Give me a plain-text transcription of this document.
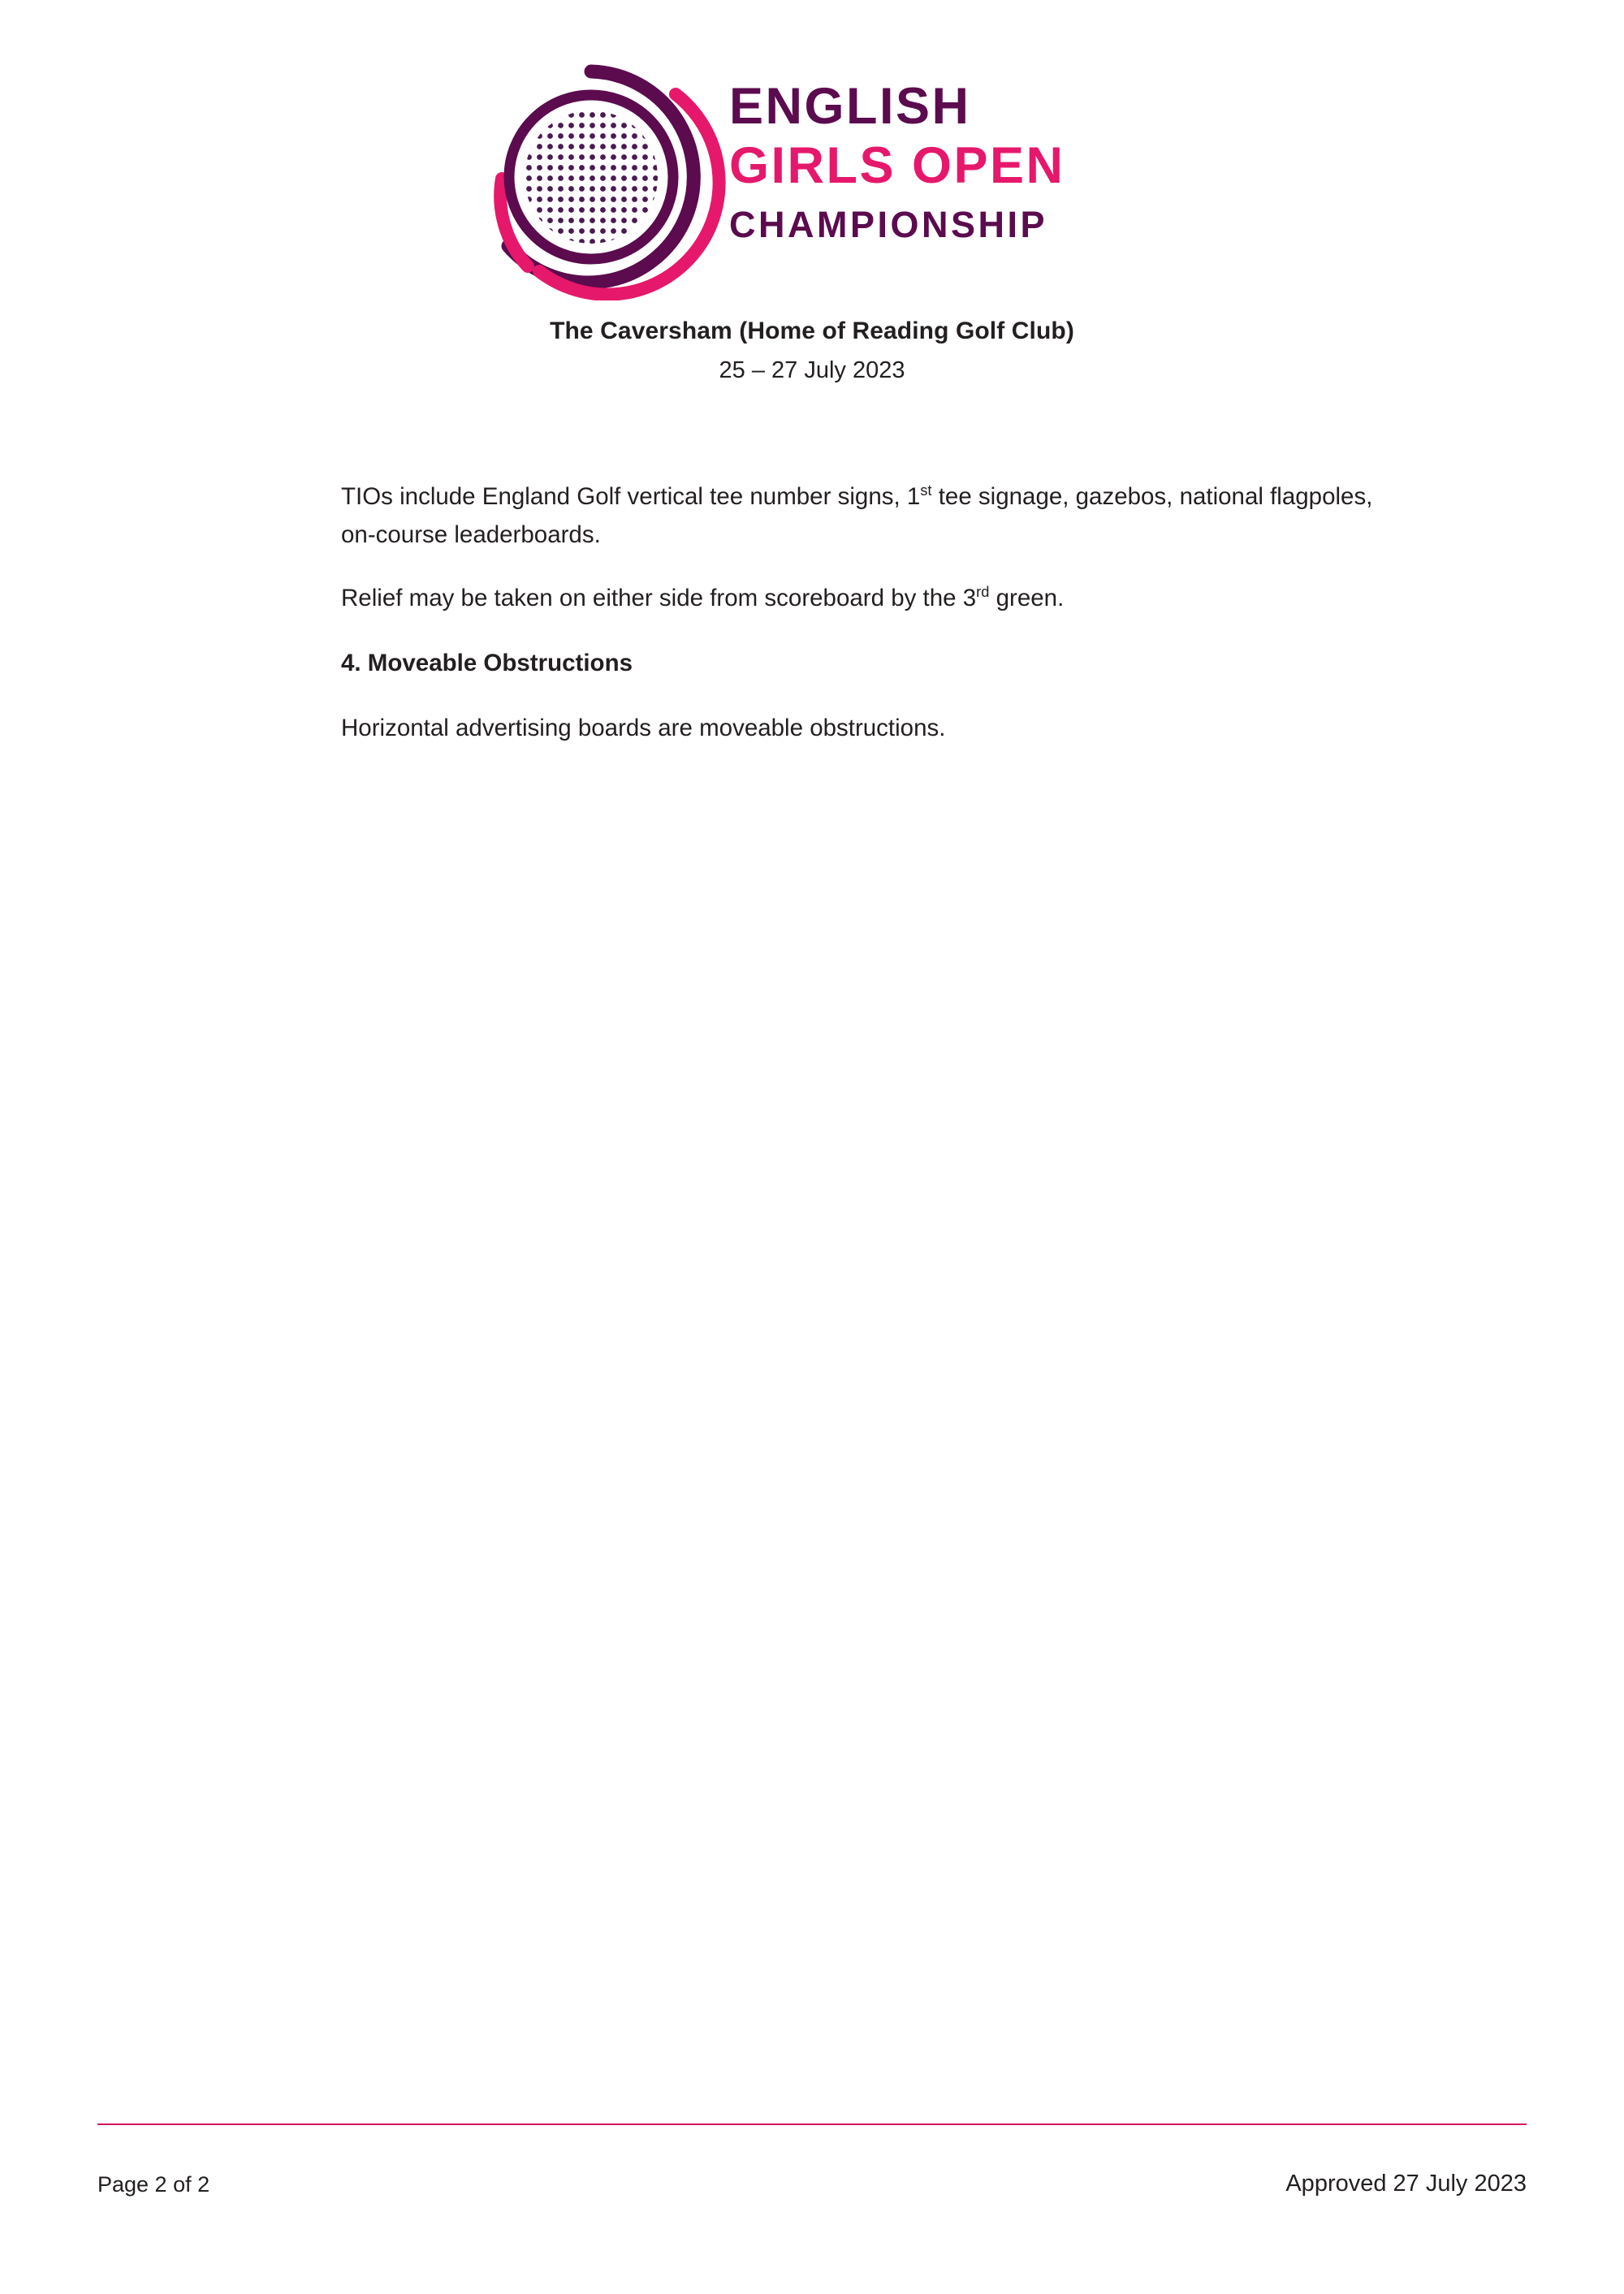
ENGLISH
GIRLS OPEN
CHAMPIONSHIP
The Caversham (Home of Reading Golf Club)
25 – 27 July 2023

TIOs include England Golf vertical tee number signs, 1st tee signage, gazebos, national flagpoles, on-course leaderboards.

Relief may be taken on either side from scoreboard by the 3rd green.

4. Moveable Obstructions

Horizontal advertising boards are moveable obstructions.

Page 2 of 2	Approved 27 July 2023
